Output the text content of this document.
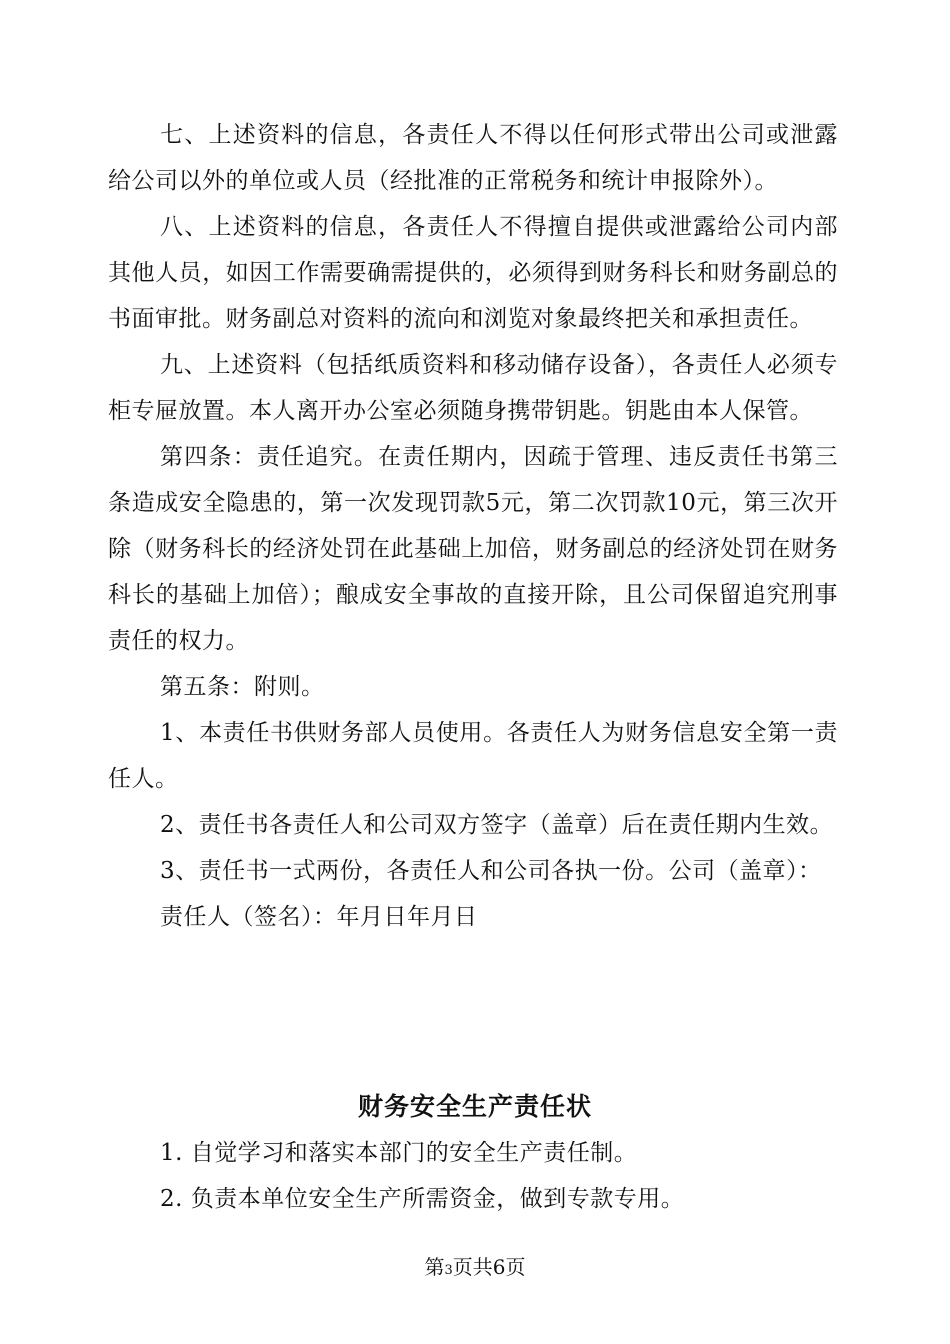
七、上述资料的信息，各责任人不得以任何形式带出公司或泄露给公司以外的单位或人员（经批准的正常税务和统计申报除外）。

八、上述资料的信息，各责任人不得擅自提供或泄露给公司内部其他人员，如因工作需要确需提供的，必须得到财务科长和财务副总的书面审批。财务副总对资料的流向和浏览对象最终把关和承担责任。

九、上述资料（包括纸质资料和移动储存设备），各责任人必须专柜专屉放置。本人离开办公室必须随身携带钥匙。钥匙由本人保管。

第四条：责任追究。在责任期内，因疏于管理、违反责任书第三条造成安全隐患的，第一次发现罚款5元，第二次罚款10元，第三次开除（财务科长的经济处罚在此基础上加倍，财务副总的经济处罚在财务科长的基础上加倍）；酿成安全事故的直接开除，且公司保留追究刑事责任的权力。

第五条：附则。

1、本责任书供财务部人员使用。各责任人为财务信息安全第一责任人。

2、责任书各责任人和公司双方签字（盖章）后在责任期内生效。

3、责任书一式两份，各责任人和公司各执一份。公司（盖章）：

责任人（签名）：年月日年月日

财务安全生产责任状

1. 自觉学习和落实本部门的安全生产责任制。

2. 负责本单位安全生产所需资金，做到专款专用。

第3页共6页
